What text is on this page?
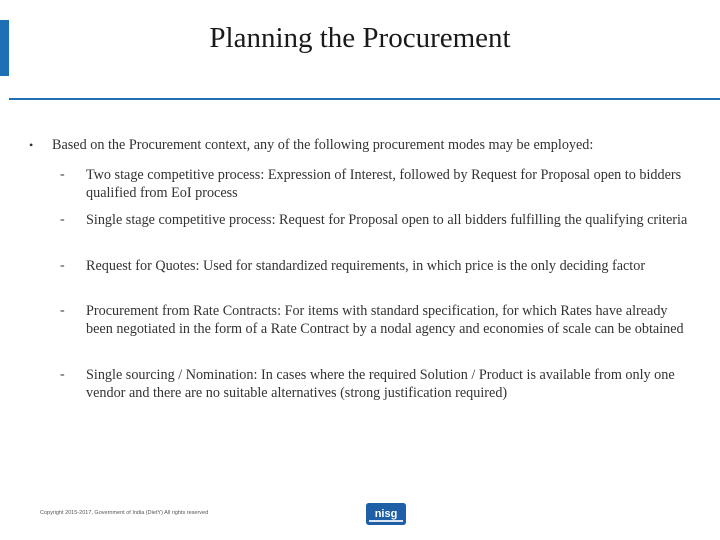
Planning the Procurement
• Based on the Procurement context, any of the following procurement modes may be employed:
- Two stage competitive process: Expression of Interest, followed by Request for Proposal open to bidders qualified from EoI process
- Single stage competitive process: Request for Proposal open to all bidders fulfilling the qualifying criteria
- Request for Quotes: Used for standardized requirements, in which price is the only deciding factor
- Procurement from Rate Contracts: For items with standard specification, for which Rates have already been negotiated in the form of a Rate Contract by a nodal agency and economies of scale can be obtained
- Single sourcing / Nomination: In cases where the required Solution / Product is available from only one vendor and there are no suitable alternatives (strong justification required)
Copyright 2015-2017, Government of India (DietY) All rights reserved	nisg
